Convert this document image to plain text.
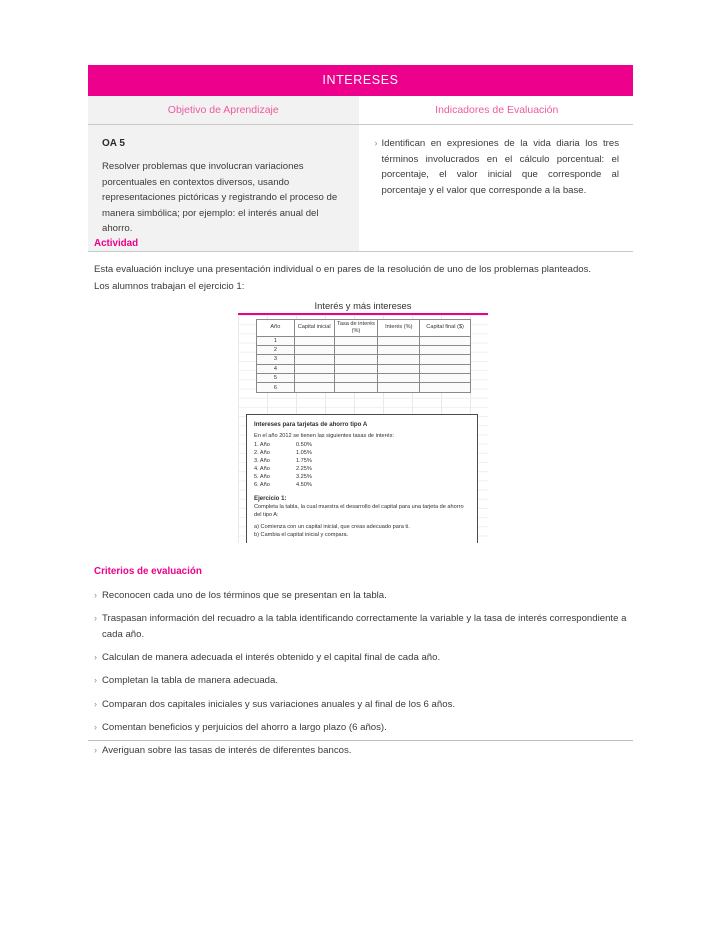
INTERESES
Objetivo de Aprendizaje	Indicadores de Evaluación
OA 5
Resolver problemas que involucran variaciones porcentuales en contextos diversos, usando representaciones pictóricas y registrando el proceso de manera simbólica; por ejemplo: el interés anual del ahorro.
› Identifican en expresiones de la vida diaria los tres términos involucrados en el cálculo porcentual: el porcentaje, el valor inicial que corresponde al porcentaje y el valor que corresponde a la base.
Actividad
Esta evaluación incluye una presentación individual o en pares de la resolución de uno de los problemas planteados.
Los alumnos trabajan el ejercicio 1:
Interés y más intereses
Año	Capital inicial	Tasa de interés (%)	Interés (%)	Capital final ($)
1				
2				
3				
4				
5				
6				
Intereses para tarjetas de ahorro tipo A
En el año 2012 se tienen las siguientes tasas de interés:
1. Año	0.50%
2. Año	1.05%
3. Año	1.75%
4. Año	2.25%
5. Año	3.25%
6. Año	4.50%
Ejercicio 1:
Completa la tabla, la cual muestra el desarrollo del capital para una tarjeta de ahorro del tipo A:
a) Comienza con un capital inicial, que creas adecuado para ti.
b) Cambia el capital inicial y compara.
Criterios de evaluación
› Reconocen cada uno de los términos que se presentan en la tabla.
› Traspasan información del recuadro a la tabla identificando correctamente la variable y la tasa de interés correspondiente a cada año.
› Calculan de manera adecuada el interés obtenido y el capital final de cada año.
› Completan la tabla de manera adecuada.
› Comparan dos capitales iniciales y sus variaciones anuales y al final de los 6 años.
› Comentan beneficios y perjuicios del ahorro a largo plazo (6 años).
› Averiguan sobre las tasas de interés de diferentes bancos.
